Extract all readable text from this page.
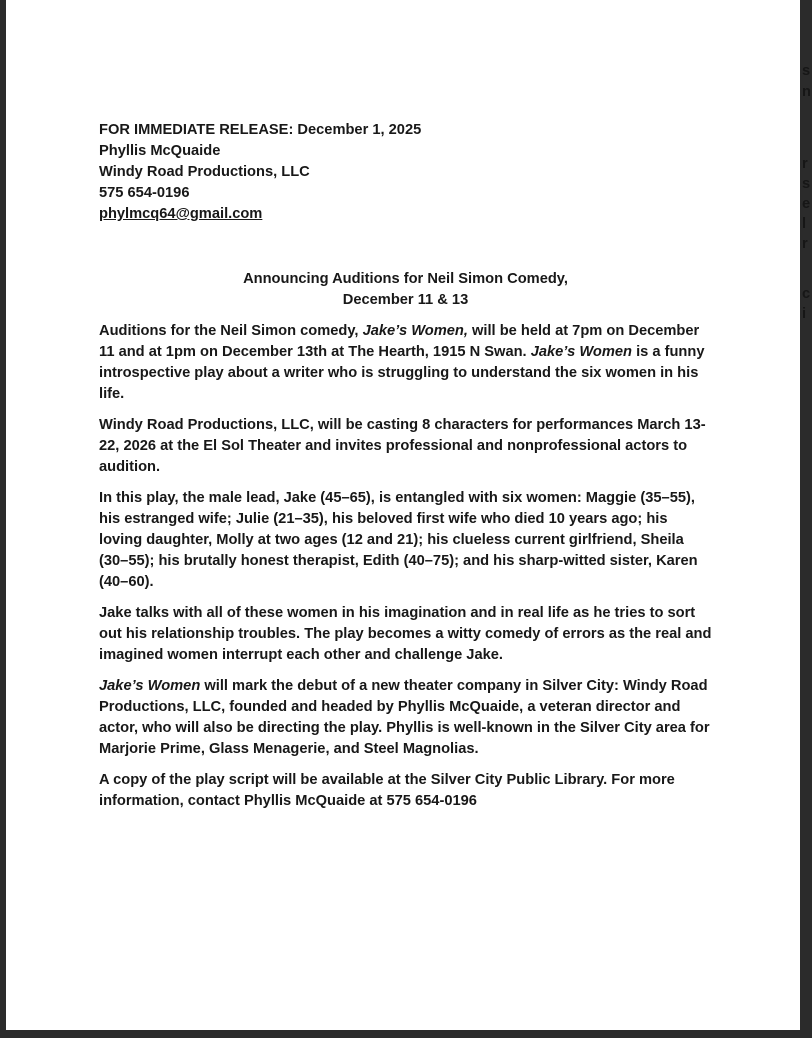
FOR IMMEDIATE RELEASE: December 1, 2025
Phyllis McQuaide
Windy Road Productions, LLC
575 654-0196
phylmcq64@gmail.com
Announcing Auditions for Neil Simon Comedy,
December 11 & 13

Auditions for the Neil Simon comedy, Jake’s Women, will be held at 7pm on December 11 and at 1pm on December 13th at The Hearth, 1915 N Swan. Jake’s Women is a funny introspective play about a writer who is struggling to understand the six women in his life.

Windy Road Productions, LLC, will be casting 8 characters for performances March 13-22, 2026 at the El Sol Theater and invites professional and nonprofessional actors to audition.

In this play, the male lead, Jake (45–65), is entangled with six women: Maggie (35–55), his estranged wife; Julie (21–35), his beloved first wife who died 10 years ago; his loving daughter, Molly at two ages (12 and 21); his clueless current girlfriend, Sheila (30–55); his brutally honest therapist, Edith (40–75); and his sharp-witted sister, Karen (40–60).

Jake talks with all of these women in his imagination and in real life as he tries to sort out his relationship troubles. The play becomes a witty comedy of errors as the real and imagined women interrupt each other and challenge Jake.

Jake’s Women will mark the debut of a new theater company in Silver City: Windy Road Productions, LLC, founded and headed by Phyllis McQuaide, a veteran director and actor, who will also be directing the play. Phyllis is well-known in the Silver City area for Marjorie Prime, Glass Menagerie, and Steel Magnolias.

A copy of the play script will be available at the Silver City Public Library. For more information, contact Phyllis McQuaide at 575 654-0196

s
n
r
s
e
l
r
c
i
